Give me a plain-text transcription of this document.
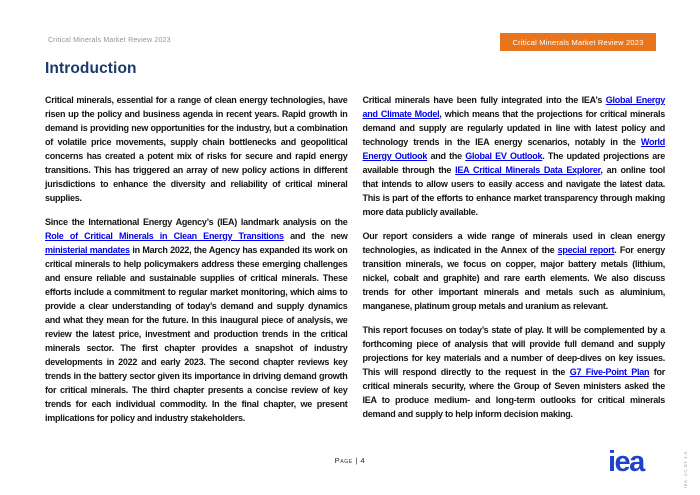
Critical Minerals Market Review 2023	Critical Minerals Market Review 2023
Introduction

Critical minerals, essential for a range of clean energy technologies, have risen up the policy and business agenda in recent years. Rapid growth in demand is providing new opportunities for the industry, but a combination of volatile price movements, supply chain bottlenecks and geopolitical concerns has created a potent mix of risks for secure and rapid energy transitions. This has triggered an array of new policy actions in different jurisdictions to enhance the diversity and reliability of critical mineral supplies.

Since the International Energy Agency’s (IEA) landmark analysis on the Role of Critical Minerals in Clean Energy Transitions and the new ministerial mandates in March 2022, the Agency has expanded its work on critical minerals to help policymakers address these emerging challenges and ensure reliable and sustainable supplies of critical minerals. These efforts include a commitment to regular market monitoring, which aims to provide a clear understanding of today’s demand and supply dynamics and what they mean for the future. In this inaugural piece of analysis, we review the latest price, investment and production trends in the critical minerals sector. The first chapter provides a snapshot of industry developments in 2022 and early 2023. The second chapter reviews key trends in the battery sector given its importance in driving demand growth for critical minerals. The third chapter presents a concise review of key trends for each individual commodity. In the final chapter, we present implications for policy and industry stakeholders.

Critical minerals have been fully integrated into the IEA’s Global Energy and Climate Model, which means that the projections for critical minerals demand and supply are regularly updated in line with latest policy and technology trends in the IEA energy scenarios, notably in the World Energy Outlook and the Global EV Outlook. The updated projections are available through the IEA Critical Minerals Data Explorer, an online tool that intends to allow users to easily access and navigate the latest data. This is part of the efforts to enhance market transparency through making more data publicly available.

Our report considers a wide range of minerals used in clean energy technologies, as indicated in the Annex of the special report. For energy transition minerals, we focus on copper, major battery metals (lithium, nickel, cobalt and graphite) and rare earth elements. We also discuss trends for other important minerals and metals such as aluminium, manganese, platinum group metals and uranium as relevant.

This report focuses on today’s state of play. It will be complemented by a forthcoming piece of analysis that will provide full demand and supply projections for key materials and a number of deep-dives on key issues. This will respond directly to the request in the G7 Five-Point Plan for critical minerals security, where the Group of Seven ministers asked the IEA to produce medium- and long-term outlooks for critical minerals demand and supply to help inform decision making.

Page | 4	iea	IEA. CC BY 4.0.
